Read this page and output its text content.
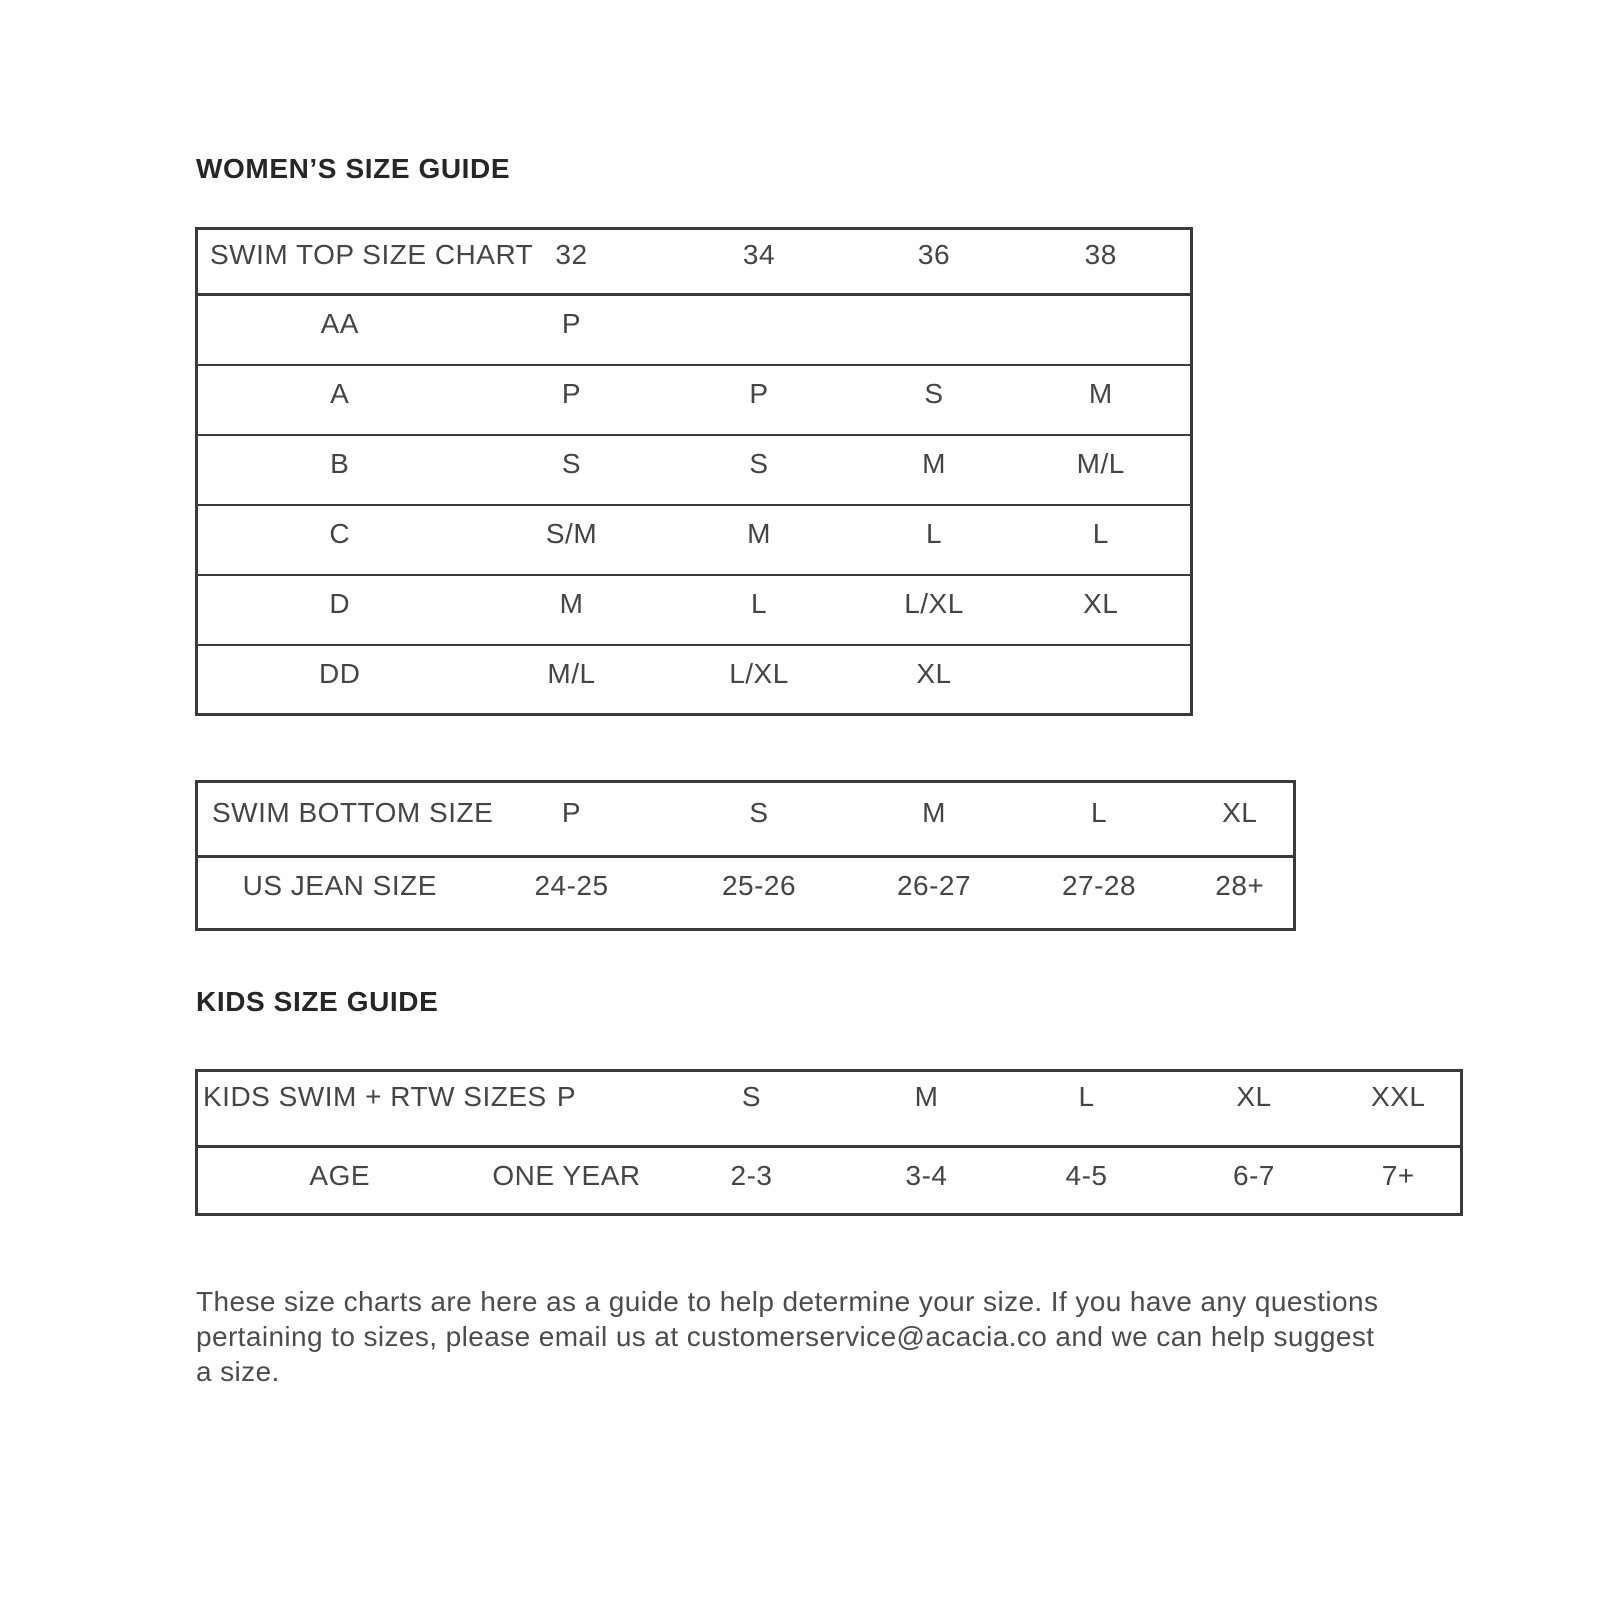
WOMEN’S SIZE GUIDE
SWIM TOP SIZE CHART	32	34	36	38
AA	P			
A	P	P	S	M
B	S	S	M	M/L
C	S/M	M	L	L
D	M	L	L/XL	XL
DD	M/L	L/XL	XL	
SWIM BOTTOM SIZE	P	S	M	L	XL
US JEAN SIZE	24-25	25-26	26-27	27-28	28+
KIDS SIZE GUIDE
KIDS SWIM + RTW SIZES	P	S	M	L	XL	XXL
AGE	ONE YEAR	2-3	3-4	4-5	6-7	7+
These size charts are here as a guide to help determine your size. If you have any questions
pertaining to sizes, please email us at customerservice@acacia.co and we can help suggest
a size.
